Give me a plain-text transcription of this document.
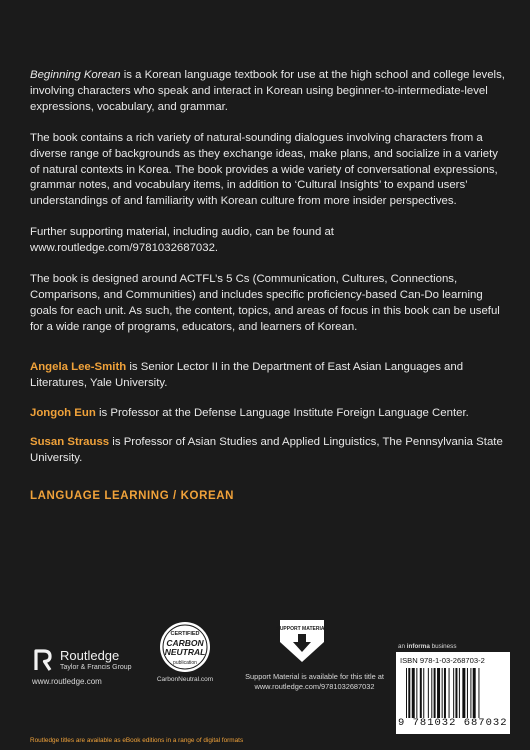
Beginning Korean is a Korean language textbook for use at the high school and college levels, involving characters who speak and interact in Korean using beginner-to-intermediate-level expressions, vocabulary, and grammar.

The book contains a rich variety of natural-sounding dialogues involving characters from a diverse range of backgrounds as they exchange ideas, make plans, and socialize in a variety of natural contexts in Korea. The book provides a wide variety of conversational expressions, grammar notes, and vocabulary items, in addition to ‘Cultural Insights’ to expand users’ understandings of and familiarity with Korean culture from more insider perspectives.

Further supporting material, including audio, can be found at www.routledge.com/9781032687032.

The book is designed around ACTFL’s 5 Cs (Communication, Cultures, Connections, Comparisons, and Communities) and includes specific proficiency-based Can-Do learning goals for each unit. As such, the content, topics, and areas of focus in this book can be useful for a wide range of programs, educators, and learners of Korean.

Angela Lee-Smith is Senior Lector II in the Department of East Asian Languages and Literatures, Yale University.

Jongoh Eun is Professor at the Defense Language Institute Foreign Language Center.

Susan Strauss is Professor of Asian Studies and Applied Linguistics, The Pennsylvania State University.

LANGUAGE LEARNING / KOREAN

Routledge
Taylor & Francis Group
www.routledge.com
CERTIFIED
CARBON
NEUTRAL
publication
CarbonNeutral.com
SUPPORT MATERIAL
Support Material is available for this title at
www.routledge.com/9781032687032
an informa business
ISBN 978-1-03-268703-2
9 781032 687032
Routledge titles are available as eBook editions in a range of digital formats
